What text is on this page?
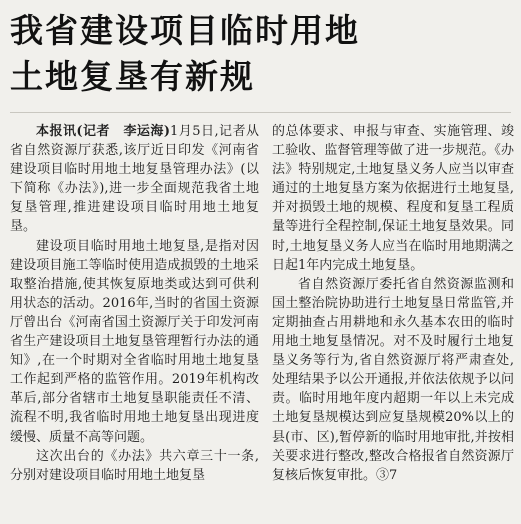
我省建设项目临时用地
土地复垦有新规

本报讯(记者　李运海)1月5日,记者从省自然资源厅获悉,该厅近日印发《河南省建设项目临时用地土地复垦管理办法》(以下简称《办法》),进一步全面规范我省土地复垦管理,推进建设项目临时用地土地复垦。

建设项目临时用地土地复垦,是指对因建设项目施工等临时使用造成损毁的土地采取整治措施,使其恢复原地类或达到可供利用状态的活动。2016年,当时的省国土资源厅曾出台《河南省国土资源厅关于印发河南省生产建设项目土地复垦管理暂行办法的通知》,在一个时期对全省临时用地土地复垦工作起到严格的监管作用。2019年机构改革后,部分省辖市土地复垦职能责任不清、流程不明,我省临时用地土地复垦出现进度缓慢、质量不高等问题。

这次出台的《办法》共六章三十一条,分别对建设项目临时用地土地复垦

的总体要求、申报与审查、实施管理、竣工验收、监督管理等做了进一步规范。《办法》特别规定,土地复垦义务人应当以审查通过的土地复垦方案为依据进行土地复垦,并对损毁土地的规模、程度和复垦工程质量等进行全程控制,保证土地复垦效果。同时,土地复垦义务人应当在临时用地期满之日起1年内完成土地复垦。

省自然资源厅委托省自然资源监测和国土整治院协助进行土地复垦日常监管,并定期抽查占用耕地和永久基本农田的临时用地土地复垦情况。对不及时履行土地复垦义务等行为,省自然资源厅将严肃查处,处理结果予以公开通报,并依法依规予以问责。临时用地年度内超期一年以上未完成土地复垦规模达到应复垦规模20%以上的县(市、区),暂停新的临时用地审批,并按相关要求进行整改,整改合格报省自然资源厅复核后恢复审批。③7
